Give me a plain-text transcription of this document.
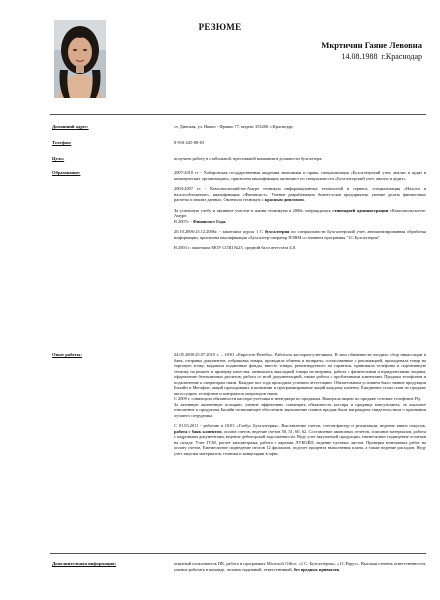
РЕЗЮМЕ
Мкртичян Гаяне Левовна
14.08.1988 г.Краснодар
Домашний адрес:	ст. Динская, ул. Ивано - Франко 77, индекс 353200. г.Краснодар
Телефон:	8-918-245-88-83
Цель:	получить работу в стабильной, престижной компании в должности бухгалтера.
Образование:	2007-2010 гг - Хабаровская государственная академия экономики и права, специализация «Бухгалтерский учет, анализ и аудит в коммерческих организациях», присвоена квалификация экономист по специальности «Бухгалтерский учет, анализ и аудит».

2004-2007 гг. - Комсомольский-на-Амуре техникум информационных технологий и сервиса, специализация «Налоги и налогообложение», квалификация «Финансист». Умение разрабатывать бизнес-план предприятия, умение делать финансовые расчеты и анализ данных. Окончила техникум с красным дипломом.

За успешную учебу и активное участие в жизни техникума в 2006г. награждалась стипендией администрации г.Комсомольска-на-Амуре.
В 2007г. - Финансист Года.

20.10.2006-23.12.2006г. - закончила курсы 1 С бухгалтерия по специальности Бухгалтерский учет, автоматизированная обработка информации, присвоена квалификация «Бухгалтер-оператор ПЭВМ со знанием программы "1С:Бухгалтерия".

В 2003 г. закончила МОУ СОШ №23, средний балл аттестата 4,8.

Опыт работы:	24.05.2008-25.07.2010 г. – ООО «Евросеть-Ритейл». Работала кассиром-учетчиком. В мои обязанности входило сбор инкассации в банк, отправка документов, отбраковка товара, проводила обмены и возвраты, согласованные с рекламацией, приходовала товар на торговую точку, выдавала подменные фонды, вместо товара, ремонтируемого по гарантии, принимала телефоны и портативную технику на ремонт и проверку качества, занималась выкладкой товара на витрины, работа с физическими и юридическими лицами, оформление безналичных расчетов, работа со всей документацией, также работа с проблемными клиентами. Продажа телефонов и подключение к операторам связи. Каждые пол года проходила успешно аттестацию. Обязательным условием было знание продукции Билайн и Мегафон, акций проходивших в компании и программирование акций каждому клиенту. Ежедневно стоял план по продаже аксессуаров, телефонов и контрактов операторов связи.

С 2009 г. совмещала обязанности кассира-учетчика и менеджера по продажам. Выиграла акцию по продаже сотовых телефонов Fly.

За активную жизненную позицию, умение эффективно совмещать обязанности кассира и продавца консультанта, за лояльное отношение к продуктам Билайн позволяющее обеспечить выполнение планов продаж была награждена свидетельством о признании лучшего сотрудника.

С 01.03.2011 - работаю в ООО «Глобус Бухгалтерия». Выставление счетов, счетов-фактур и реализации, ведение книги покупок, работа с банк клиентом, оплата счетов, ведение счетов 50, 51, 60, 62. Составление авансовых отчетов, списание материалов, работа с кадровыми документами, ведение дебиторской задолженности. Веду учет закупаемой продукции, ежемесячное подведение остатков на складе. Учет ГСМ, расчет километража, работа с картами ЛУКОЙЛ, ведение путевых листов. Проверка монтажных работ на оплату счетов. Ежемесячное подведение итогов 12 филиалов, подсчет процента выполнения плана, а также ведение расходов. Веду учет закупки материалов, техники и канцелярии в офис.

Дополнительная информация:	опытный пользователь ПК, работа в программах Microsoft Office, «1 С. Бухгалтерия», «1С:Рарус». Высокая степень ответственности, умение работать в команде, человек надежный, ответственный, без вредных привычек.
